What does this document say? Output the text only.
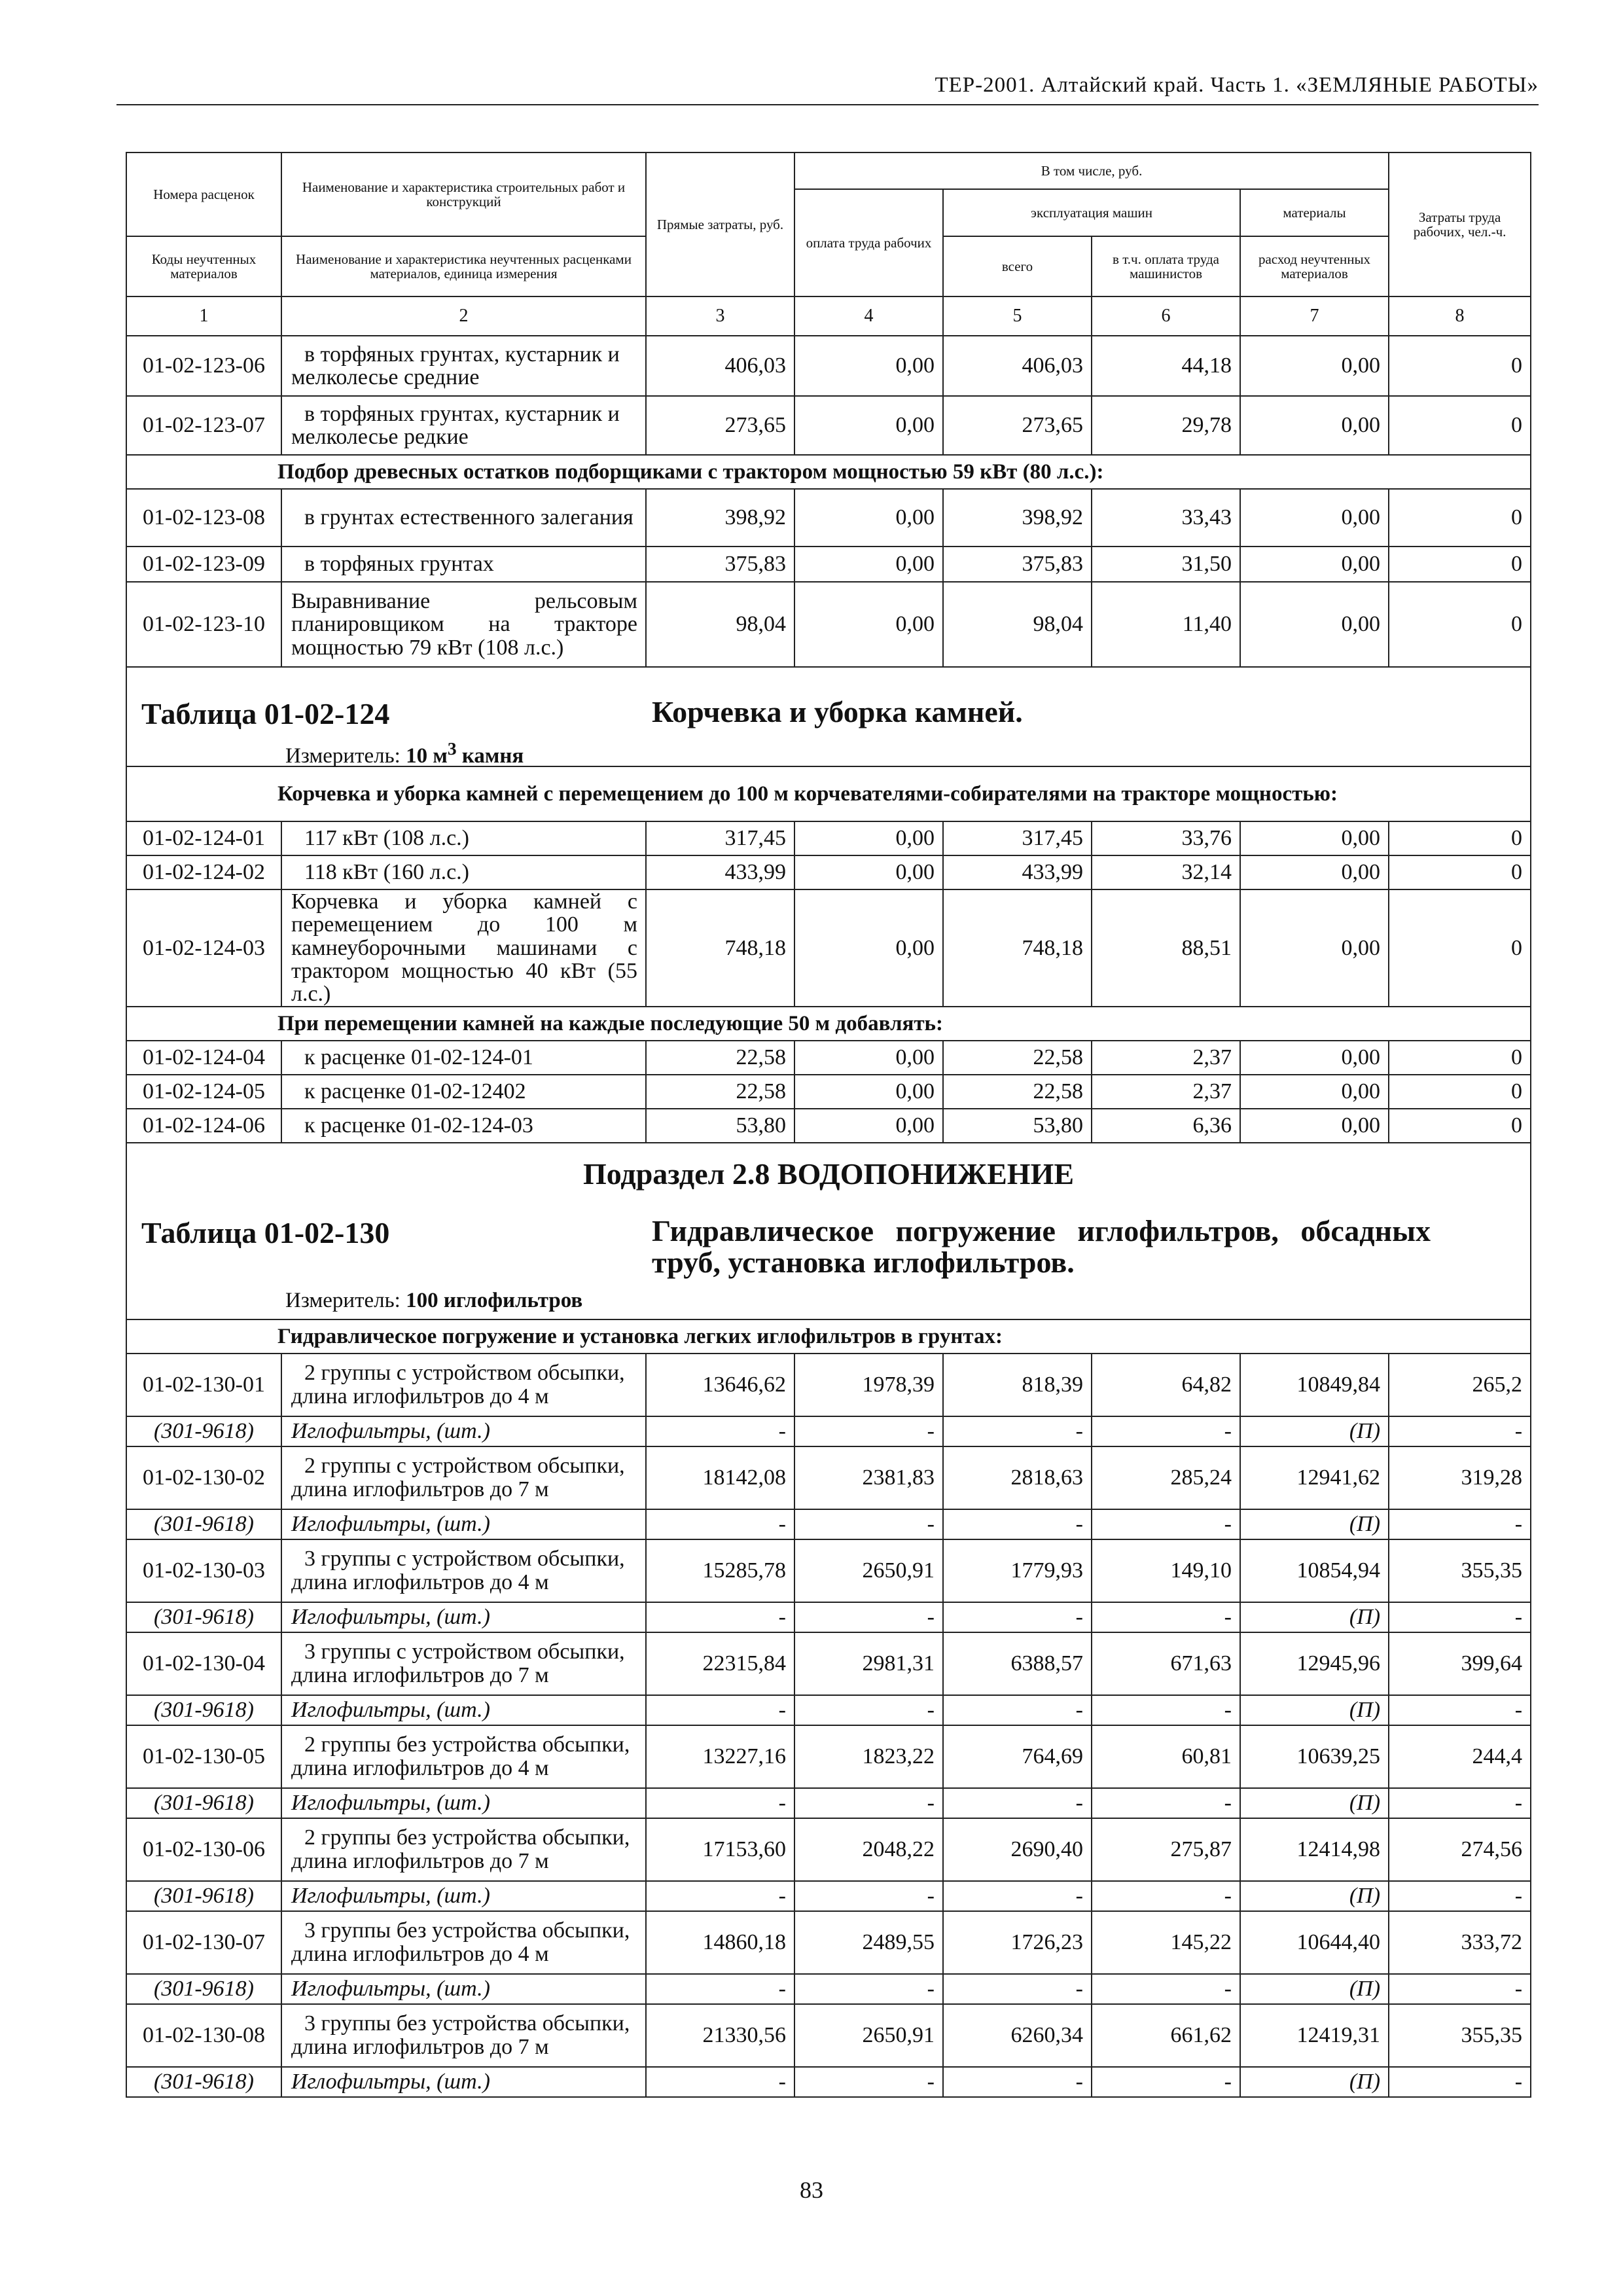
ТЕР-2001. Алтайский край. Часть 1. «ЗЕМЛЯНЫЕ РАБОТЫ»
Номера расценок	Наименование и характеристика строительных работ и конструкций	Прямые затраты, руб.	В том числе, руб.				Затраты труда рабочих, чел.-ч.
			оплата труда рабочих	эксплуатация машин		материалы	
Коды неучтенных материалов	Наименование и характеристика неучтенных расценками материалов, единица измерения			всего	в т.ч. оплата труда машинистов	расход неучтенных материалов	
1	2	3	4	5	6	7	8
01-02-123-06	в торфяных грунтах, кустарник и мелколесье средние	406,03	0,00	406,03	44,18	0,00	0
01-02-123-07	в торфяных грунтах, кустарник и мелколесье редкие	273,65	0,00	273,65	29,78	0,00	0
Подбор древесных остатков подборщиками с трактором мощностью 59 кВт (80 л.с.):							
01-02-123-08	в грунтах естественного залегания	398,92	0,00	398,92	33,43	0,00	0
01-02-123-09	в торфяных грунтах	375,83	0,00	375,83	31,50	0,00	0
01-02-123-10	Выравнивание рельсовым планировщиком на тракторе мощностью 79 кВт (108 л.с.)	98,04	0,00	98,04	11,40	0,00	0

Таблица 01-02-124 Корчевка и уборка камней.
Измеритель: 10 $м^3$ камня							

Корчевка и уборка камней с перемещением до 100 м корчевателями-собирателями на тракторе мощностью:							
01-02-124-01	117 кВт (108 л.с.)	317,45	0,00	317,45	33,76	0,00	0
01-02-124-02	118 кВт (160 л.с.)	433,99	0,00	433,99	32,14	0,00	0
01-02-124-03	Корчевка и уборка камней с перемещением до 100 м камнеуборочными машинами с трактором мощностью 40 кВт (55 л.с.)	748,18	0,00	748,18	88,51	0,00	0
При перемещении камней на каждые последующие 50 м добавлять:							
01-02-124-04	к расценке 01-02-124-01	22,58	0,00	22,58	2,37	0,00	0
01-02-124-05	к расценке 01-02-12402	22,58	0,00	22,58	2,37	0,00	0
01-02-124-06	к расценке 01-02-124-03	53,80	0,00	53,80	6,36	0,00	0

Подраздел 2.8 ВОДОПОНИЖЕНИЕ
Таблица 01-02-130 Гидравлическое погружение иглофильтров, обсадных труб, установка иглофильтров.
Измеритель: 100 иглофильтров							

Гидравлическое погружение и установка легких иглофильтров в грунтах:							
01-02-130-01	2 группы с устройством обсыпки, длина иглофильтров до 4 м	13646,62	1978,39	818,39	64,82	10849,84	265,2
(301-9618)	Иглофильтры, (шт.)	-	-	-	-	(П)	-
01-02-130-02	2 группы с устройством обсыпки, длина иглофильтров до 7 м	18142,08	2381,83	2818,63	285,24	12941,62	319,28
(301-9618)	Иглофильтры, (шт.)	-	-	-	-	(П)	-
01-02-130-03	3 группы с устройством обсыпки, длина иглофильтров до 4 м	15285,78	2650,91	1779,93	149,10	10854,94	355,35
(301-9618)	Иглофильтры, (шт.)	-	-	-	-	(П)	-
01-02-130-04	3 группы с устройством обсыпки, длина иглофильтров до 7 м	22315,84	2981,31	6388,57	671,63	12945,96	399,64
(301-9618)	Иглофильтры, (шт.)	-	-	-	-	(П)	-
01-02-130-05	2 группы без устройства обсыпки, длина иглофильтров до 4 м	13227,16	1823,22	764,69	60,81	10639,25	244,4
(301-9618)	Иглофильтры, (шт.)	-	-	-	-	(П)	-
01-02-130-06	2 группы без устройства обсыпки, длина иглофильтров до 7 м	17153,60	2048,22	2690,40	275,87	12414,98	274,56
(301-9618)	Иглофильтры, (шт.)	-	-	-	-	(П)	-
01-02-130-07	3 группы без устройства обсыпки, длина иглофильтров до 4 м	14860,18	2489,55	1726,23	145,22	10644,40	333,72
(301-9618)	Иглофильтры, (шт.)	-	-	-	-	(П)	-
01-02-130-08	3 группы без устройства обсыпки, длина иглофильтров до 7 м	21330,56	2650,91	6260,34	661,62	12419,31	355,35
(301-9618)	Иглофильтры, (шт.)	-	-	-	-	(П)	-
83
